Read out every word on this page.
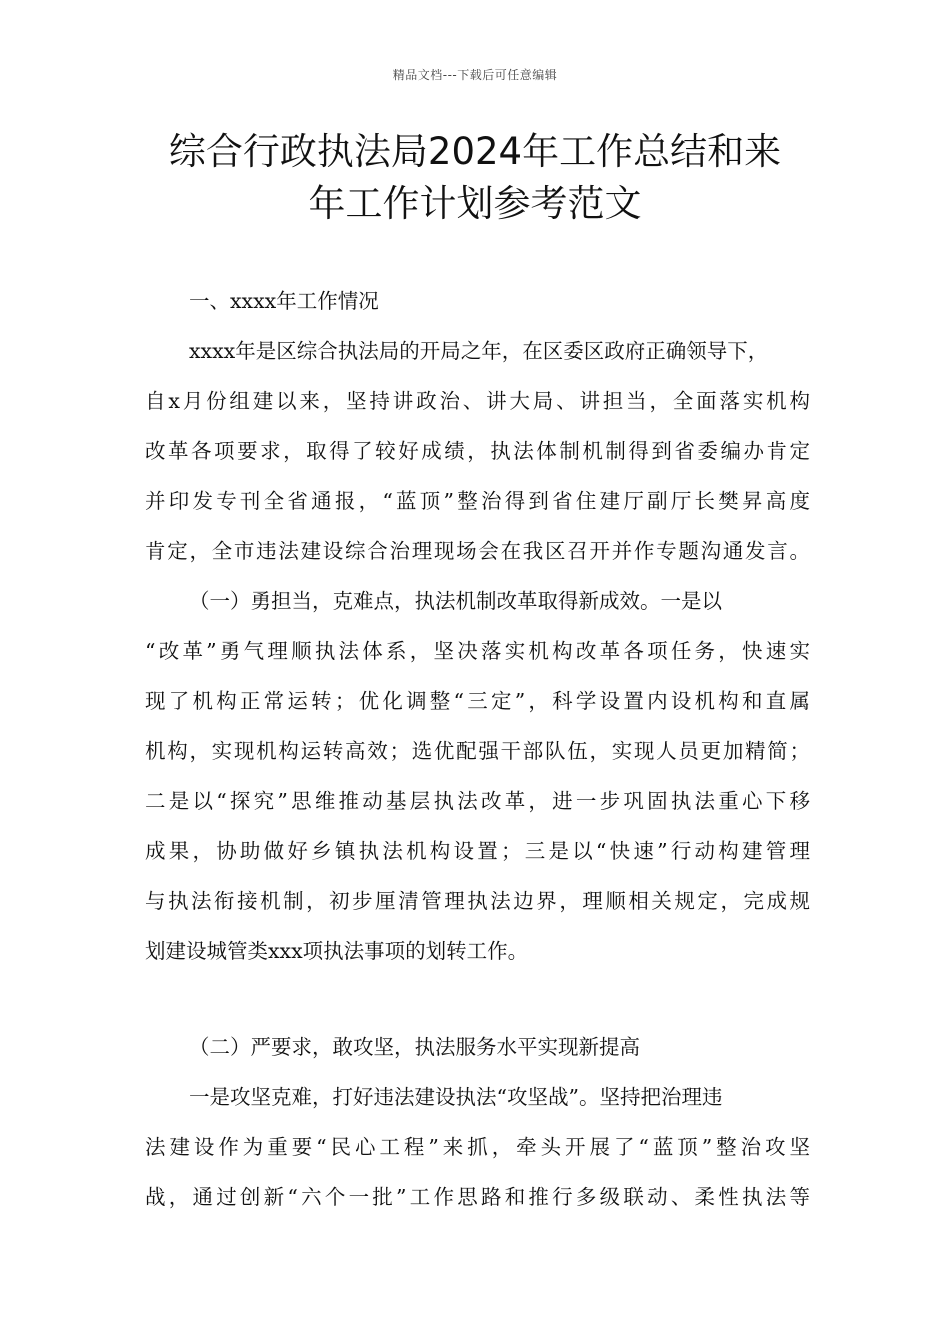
精品文档---下载后可任意编辑
综合行政执法局2024年工作总结和来
年工作计划参考范文
一、xxxx年工作情况
xxxx年是区综合执法局的开局之年，在区委区政府正确领导下，
自x月份组建以来，坚持讲政治、讲大局、讲担当，全面落实机构
改革各项要求，取得了较好成绩，执法体制机制得到省委编办肯定
并印发专刊全省通报，“蓝顶”整治得到省住建厅副厅长樊昇高度
肯定，全市违法建设综合治理现场会在我区召开并作专题沟通发言。
（一）勇担当，克难点，执法机制改革取得新成效。一是以
“改革”勇气理顺执法体系，坚决落实机构改革各项任务，快速实
现了机构正常运转；优化调整“三定”，科学设置内设机构和直属
机构，实现机构运转高效；选优配强干部队伍，实现人员更加精简；
二是以“探究”思维推动基层执法改革，进一步巩固执法重心下移
成果，协助做好乡镇执法机构设置；三是以“快速”行动构建管理
与执法衔接机制，初步厘清管理执法边界，理顺相关规定，完成规
划建设城管类xxx项执法事项的划转工作。
（二）严要求，敢攻坚，执法服务水平实现新提高
一是攻坚克难，打好违法建设执法“攻坚战”。坚持把治理违
法建设作为重要“民心工程”来抓，牵头开展了“蓝顶”整治攻坚
战，通过创新“六个一批”工作思路和推行多级联动、柔性执法等
